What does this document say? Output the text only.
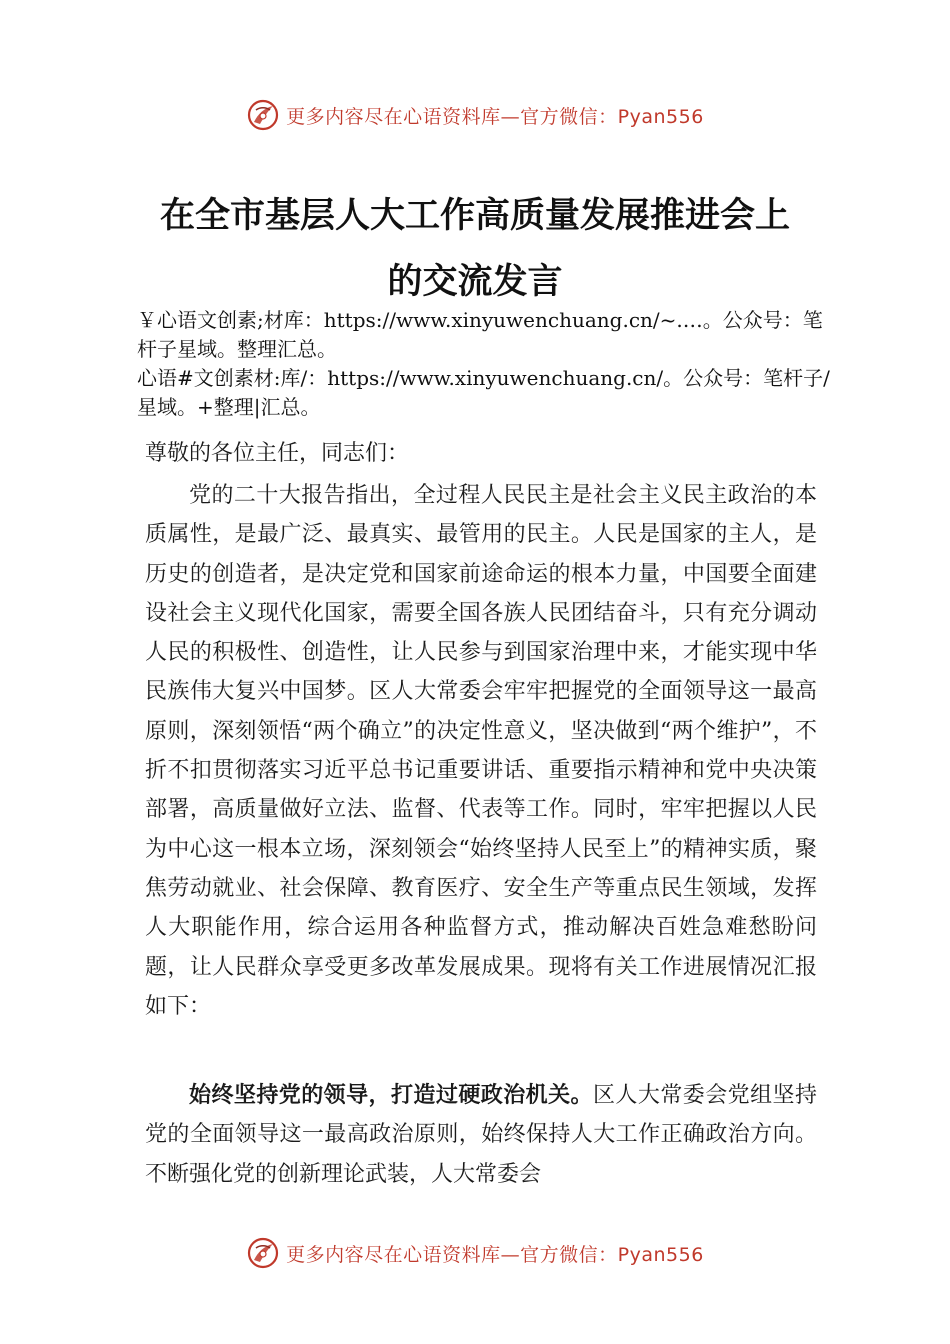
更多内容尽在心语资料库—官方微信：Pyan556
在全市基层人大工作高质量发展推进会上
的交流发言
￥心语文创素;材库：https://www.xinyuwenchuang.cn/~.…。公众号：笔杆子星域。整理汇总。
心语#文创素材:库/：https://www.xinyuwenchuang.cn/。公众号：笔杆子/星域。+整理|汇总。
尊敬的各位主任，同志们：
党的二十大报告指出，全过程人民民主是社会主义民主政治的本质属性，是最广泛、最真实、最管用的民主。人民是国家的主人，是历史的创造者，是决定党和国家前途命运的根本力量，中国要全面建设社会主义现代化国家，需要全国各族人民团结奋斗，只有充分调动人民的积极性、创造性，让人民参与到国家治理中来，才能实现中华民族伟大复兴中国梦。区人大常委会牢牢把握党的全面领导这一最高原则，深刻领悟“两个确立”的决定性意义，坚决做到“两个维护”，不折不扣贯彻落实习近平总书记重要讲话、重要指示精神和党中央决策部署，高质量做好立法、监督、代表等工作。同时，牢牢把握以人民为中心这一根本立场，深刻领会“始终坚持人民至上”的精神实质，聚焦劳动就业、社会保障、教育医疗、安全生产等重点民生领域，发挥人大职能作用，综合运用各种监督方式，推动解决百姓急难愁盼问题，让人民群众享受更多改革发展成果。现将有关工作进展情况汇报如下：
始终坚持党的领导，打造过硬政治机关。区人大常委会党组坚持党的全面领导这一最高政治原则，始终保持人大工作正确政治方向。不断强化党的创新理论武装，人大常委会
更多内容尽在心语资料库—官方微信：Pyan556
